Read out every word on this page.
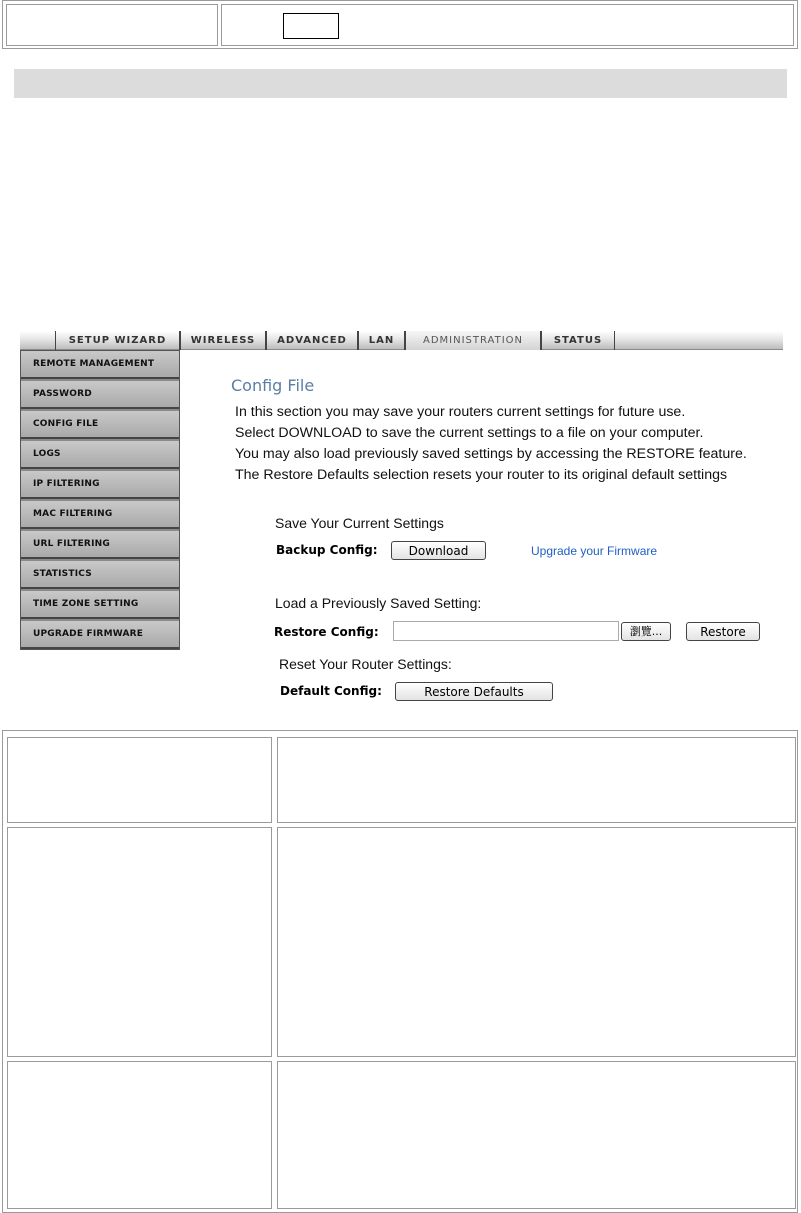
SETUP WIZARD	WIRELESS	ADVANCED	LAN	ADMINISTRATION	STATUS
REMOTE MANAGEMENT
PASSWORD
CONFIG FILE
LOGS
IP FILTERING
MAC FILTERING
URL FILTERING
STATISTICS
TIME ZONE SETTING
UPGRADE FIRMWARE
Config File
In this section you may save your routers current settings for future use.
Select DOWNLOAD to save the current settings to a file on your computer.
You may also load previously saved settings by accessing the RESTORE feature.
The Restore Defaults selection resets your router to its original default settings
Save Your Current Settings
Backup Config:	Download	Upgrade your Firmware
Load a Previously Saved Setting:
Restore Config:	瀏覽...	Restore
Reset Your Router Settings:
Default Config:	Restore Defaults
